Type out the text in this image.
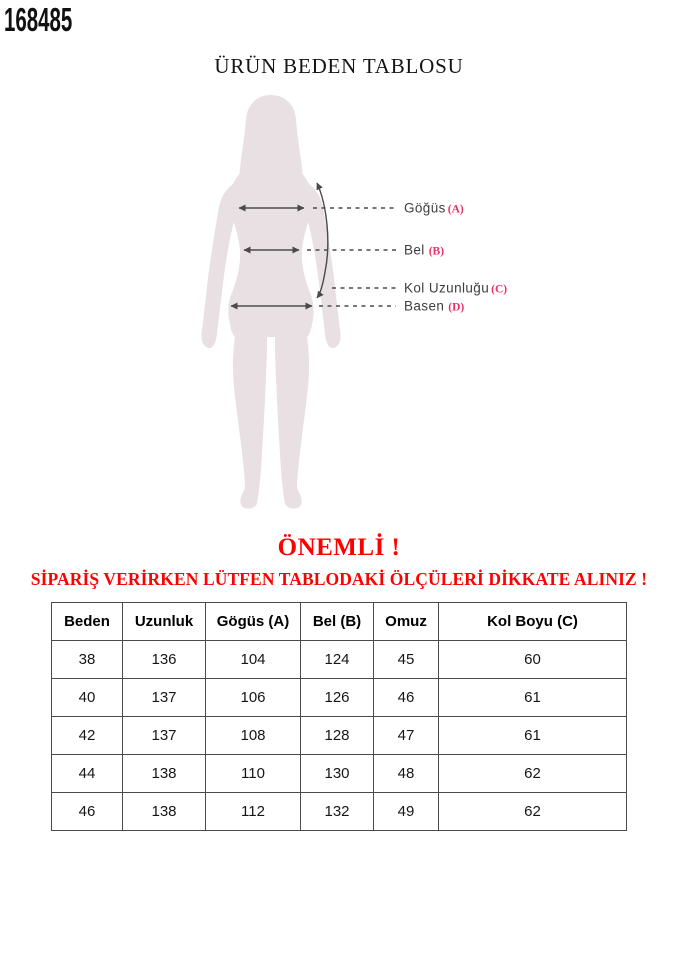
168485
ÜRÜN BEDEN TABLOSU
Göğüs (A)
Bel (B)
Kol Uzunluğu (C)
Basen (D)
ÖNEMLİ !
SİPARİŞ VERİRKEN LÜTFEN TABLODAKİ ÖLÇÜLERİ DİKKATE ALINIZ !
Beden	Uzunluk	Gögüs (A)	Bel (B)	Omuz	Kol Boyu (C)
38	136	104	124	45	60
40	137	106	126	46	61
42	137	108	128	47	61
44	138	110	130	48	62
46	138	112	132	49	62
